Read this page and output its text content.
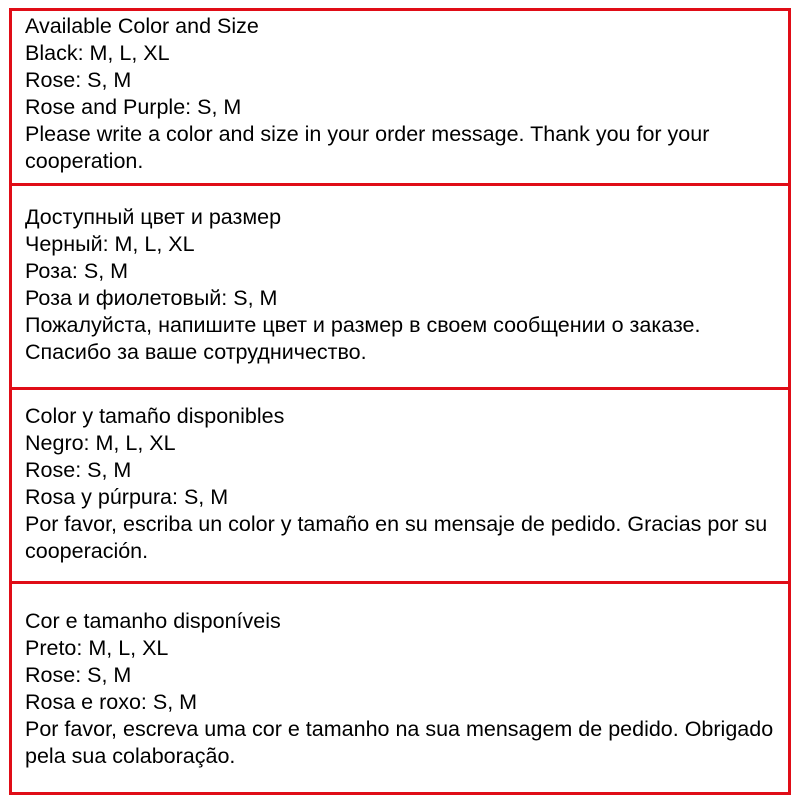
Available Color and Size
Black: M, L, XL
Rose: S, M
Rose and Purple: S, M
Please write a color and size in your order message. Thank you for your cooperation.
Доступный цвет и размер
Черный: M, L, XL
Роза: S, M
Роза и фиолетовый: S, M
Пожалуйста, напишите цвет и размер в своем сообщении о заказе. Спасибо за ваше сотрудничество.
Color y tamaño disponibles
Negro: M, L, XL
Rose: S, M
Rosa y púrpura: S, M
Por favor, escriba un color y tamaño en su mensaje de pedido. Gracias por su cooperación.
Cor e tamanho disponíveis
Preto: M, L, XL
Rose: S, M
Rosa e roxo: S, M
Por favor, escreva uma cor e tamanho na sua mensagem de pedido. Obrigado pela sua colaboração.
